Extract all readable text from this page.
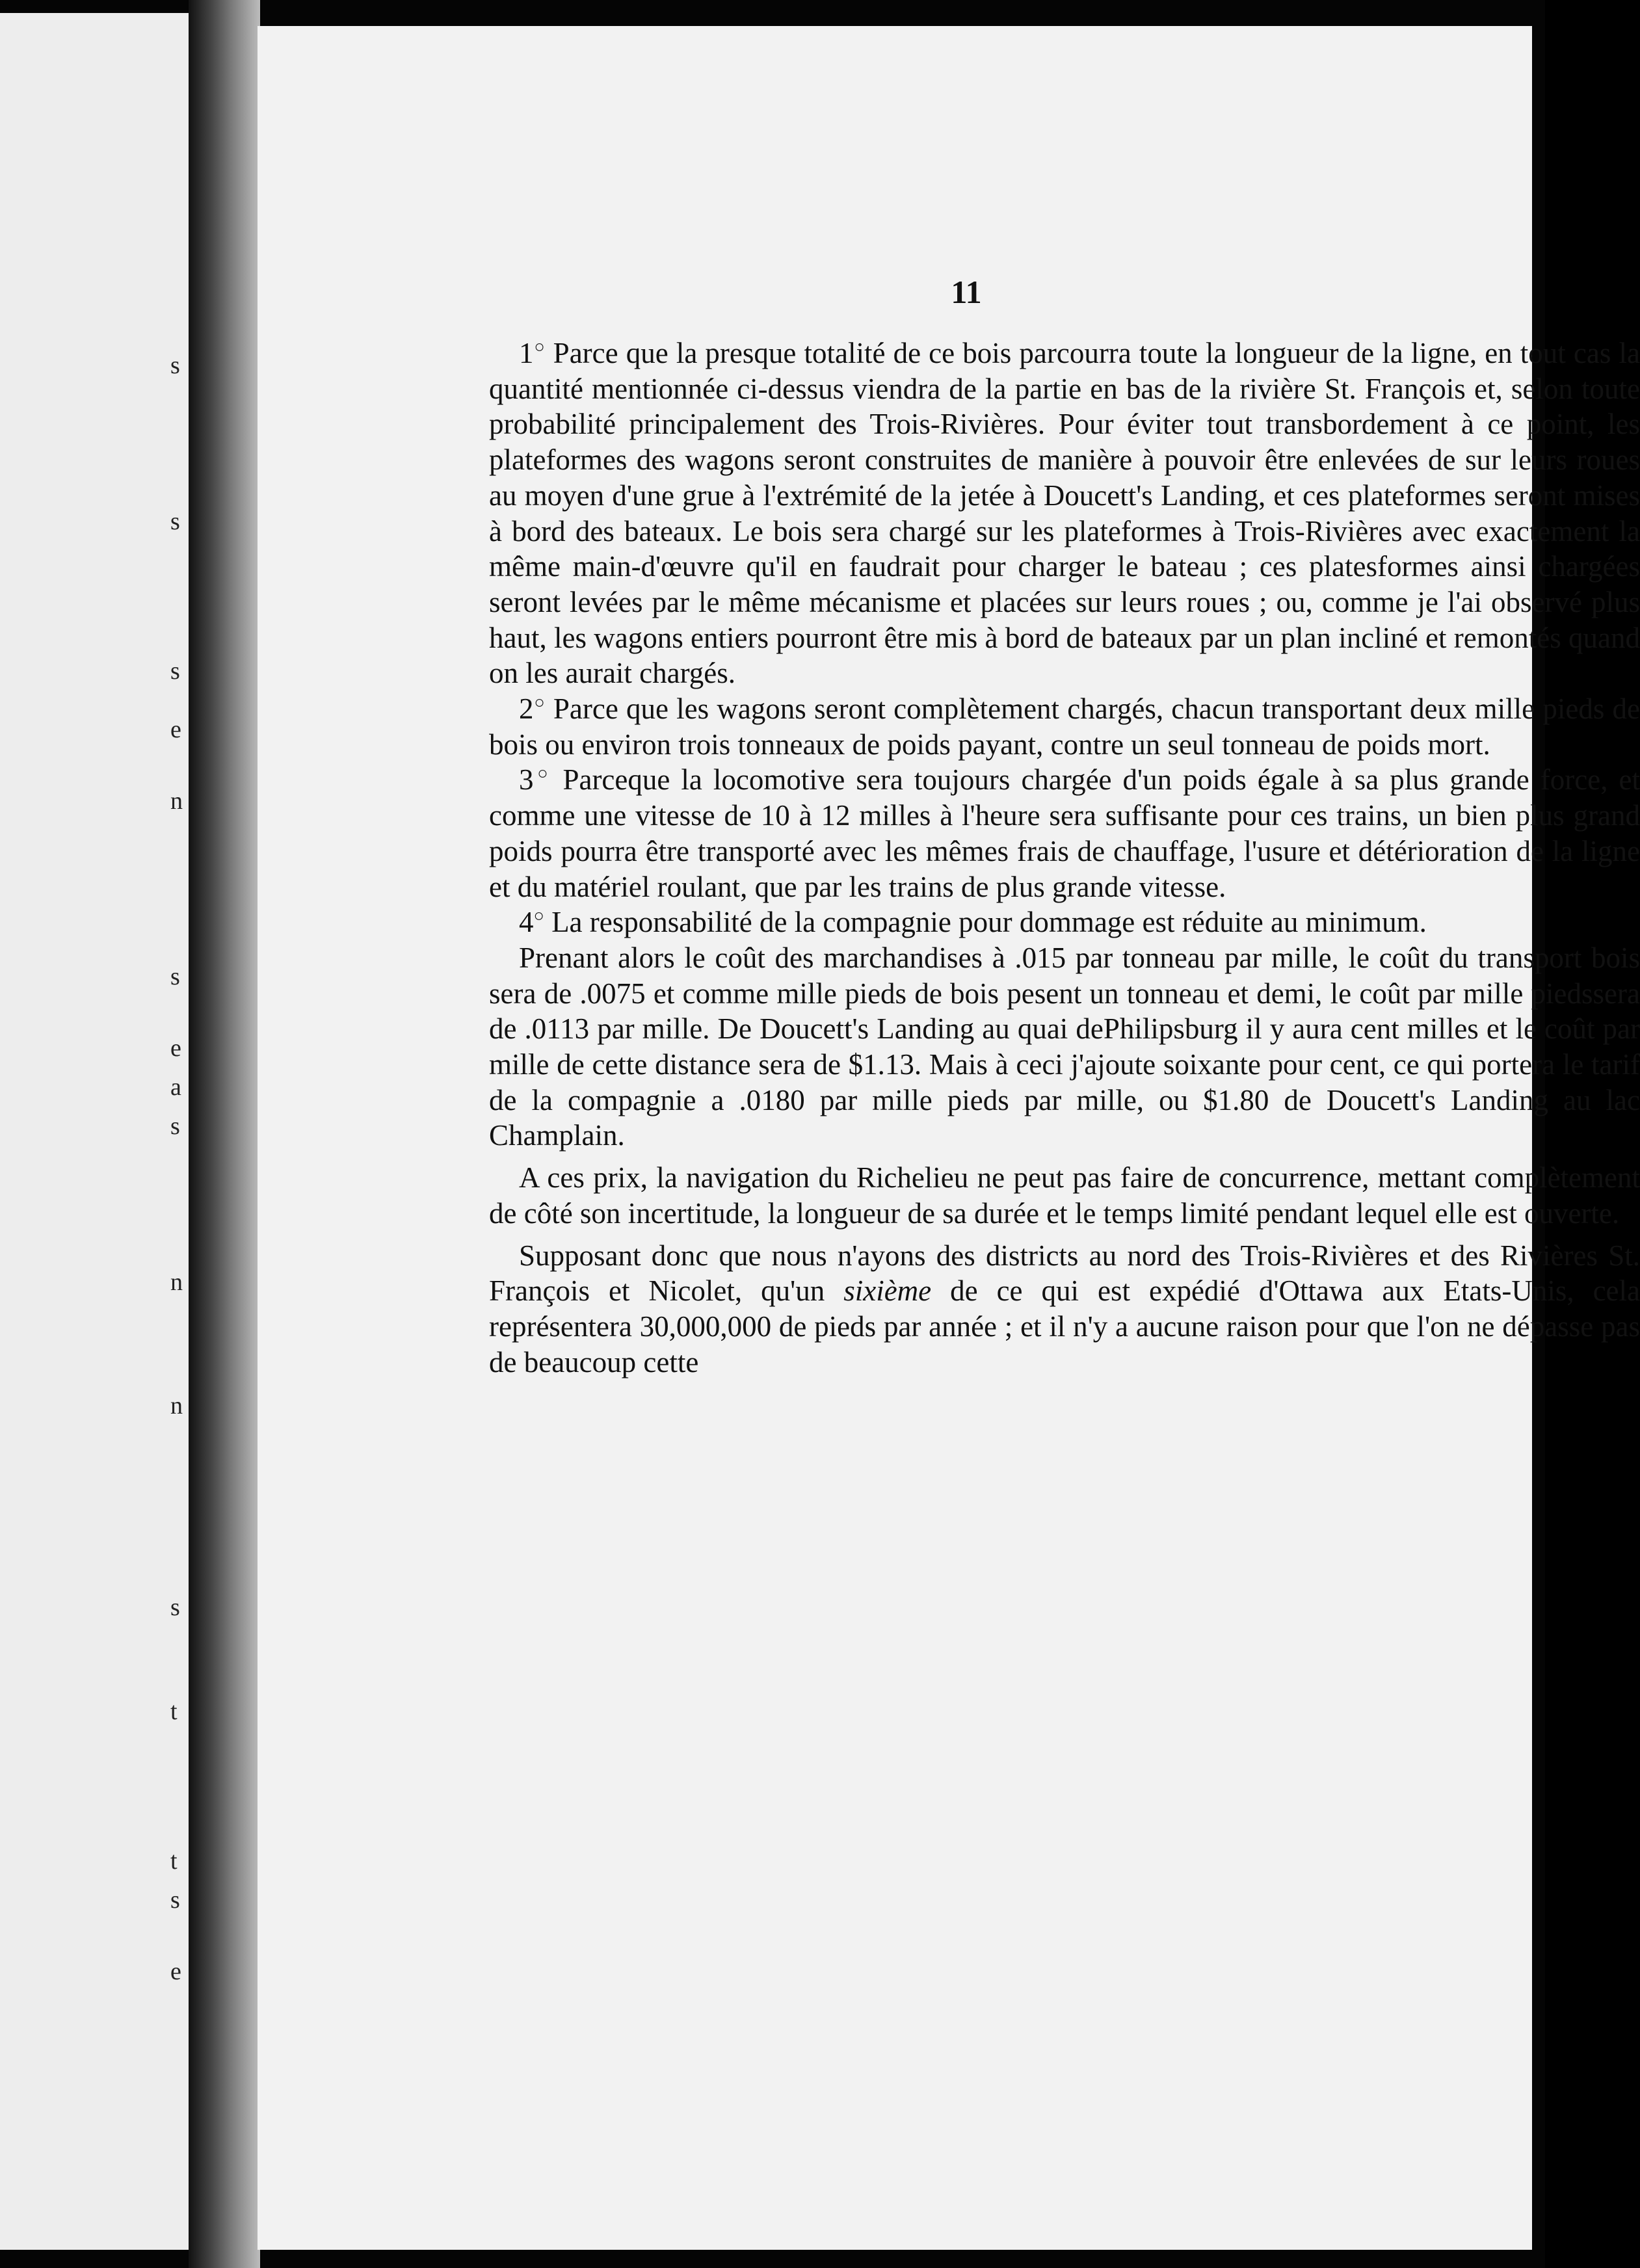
s
s
s
e
n
s
e
a
s
n
n
s
t
t
s
e
11

1○ Parce que la presque totalité de ce bois parcourra toute la longueur de la ligne, en tout cas la quantité mentionnée ci-dessus viendra de la partie en bas de la rivière St. François et, selon toute probabilité principalement des Trois-Rivières. Pour éviter tout transbordement à ce point, les plateformes des wagons seront construites de manière à pouvoir être enlevées de sur leurs roues au moyen d'une grue à l'extrémité de la jetée à Doucett's Landing, et ces plateformes seront mises à bord des bateaux. Le bois sera chargé sur les plateformes à Trois-Rivières avec exactement la même main-d'œuvre qu'il en faudrait pour charger le bateau ; ces platesformes ainsi chargées seront levées par le même mécanisme et placées sur leurs roues ; ou, comme je l'ai observé plus haut, les wagons entiers pourront être mis à bord de bateaux par un plan incliné et remontés quand on les aurait chargés.

2○ Parce que les wagons seront complètement chargés, chacun transportant deux mille pieds de bois ou environ trois tonneaux de poids payant, contre un seul tonneau de poids mort.

3○ Parceque la locomotive sera toujours chargée d'un poids égale à sa plus grande force, et comme une vitesse de 10 à 12 milles à l'heure sera suffisante pour ces trains, un bien plus grand poids pourra être transporté avec les mêmes frais de chauffage, l'usure et détérioration de la ligne et du matériel roulant, que par les trains de plus grande vitesse.

4○ La responsabilité de la compagnie pour dommage est réduite au minimum.

Prenant alors le coût des marchandises à .015 par tonneau par mille, le coût du transport bois sera de .0075 et comme mille pieds de bois pesent un tonneau et demi, le coût par mille piedssera de .0113 par mille. De Doucett's Landing au quai dePhilipsburg il y aura cent milles et le coût par mille de cette distance sera de $1.13. Mais à ceci j'ajoute soixante pour cent, ce qui portera le tarif de la compagnie a .0180 par mille pieds par mille, ou $1.80 de Doucett's Landing au lac Champlain.

A ces prix, la navigation du Richelieu ne peut pas faire de concurrence, mettant complètement de côté son incertitude, la longueur de sa durée et le temps limité pendant lequel elle est ouverte.

Supposant donc que nous n'ayons des districts au nord des Trois-Rivières et des Rivières St. François et Nicolet, qu'un sixième de ce qui est expédié d'Ottawa aux Etats-Unis, cela représentera 30,000,000 de pieds par année ; et il n'y a aucune raison pour que l'on ne dépasse pas de beaucoup cette
